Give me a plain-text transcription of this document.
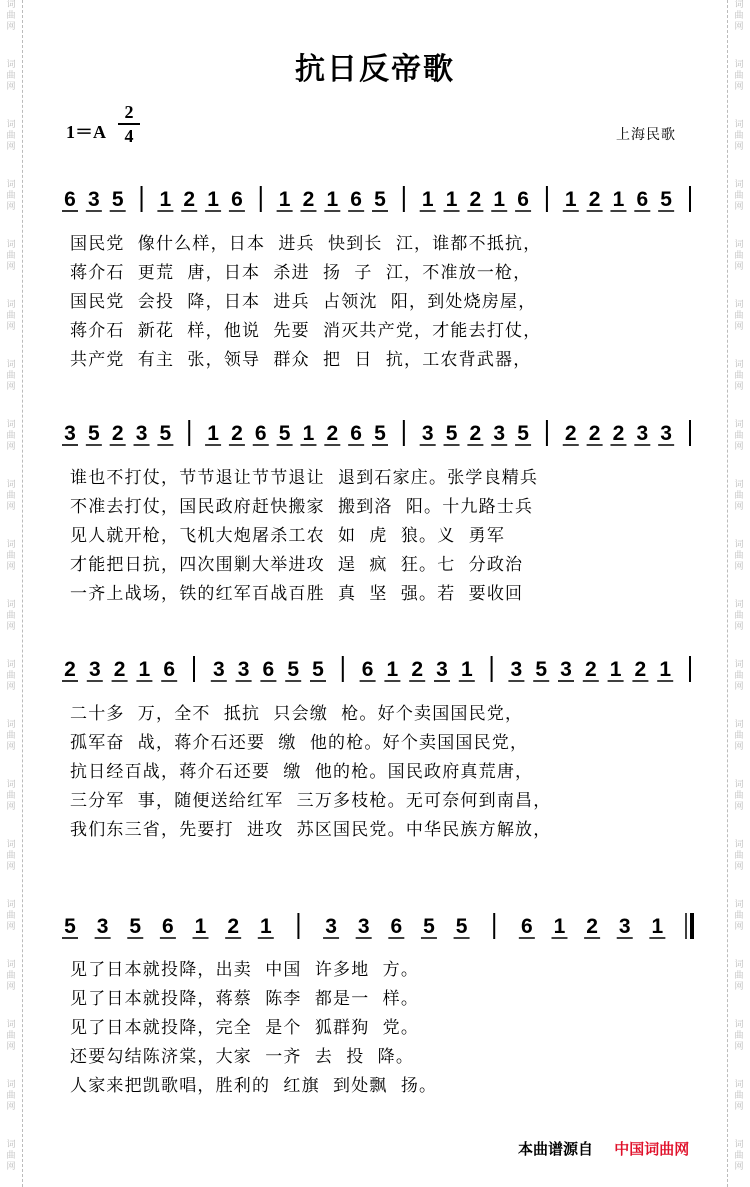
词
曲
网
词
曲
网
词
曲
网
词
曲
网
词
曲
网
词
曲
网
词
曲
网
词
曲
网
词
曲
网
词
曲
网
词
曲
网
词
曲
网
词
曲
网
词
曲
网
词
曲
网
词
曲
网
词
曲
网
词
曲
网
词
曲
网
词
曲
网
词
曲
网
词
曲
网
词
曲
网
词
曲
网
词
曲
网
词
曲
网
词
曲
网
词
曲
网
词
曲
网
词
曲
网
词
曲
网
词
曲
网
词
曲
网
词
曲
网
词
曲
网
词
曲
网
词
曲
网
词
曲
网
词
曲
网
词
曲
网
抗日反帝歌
1＝A
2
4	上海民歌
6 3 5 1 2 1 6 1 2 1 6 5 1 1 2 1 6 1 2 1 6 5
3 5 2 3 5 1 2 6 5 1 2 6 5 3 5 2 3 5 2 2 2 3 3
2 3 2 1 6 3 3 6 5 5 6 1 2 3 1 3 5 3 2 1 2 1
5 3 5 6 1 2 1	3 3 6 5 5	6 1 2 3 1
国民党  像什么样，日本  进兵  快到长  江，谁都不抵抗，
蒋介石  更荒  唐，日本  杀进  扬  子  江，不准放一枪，
国民党  会投  降，日本  进兵  占领沈  阳，到处烧房屋，
蒋介石  新花  样，他说  先要  消灭共产党，才能去打仗，
共产党  有主  张，领导  群众  把  日  抗，工农背武器，
谁也不打仗，节节退让节节退让  退到石家庄。张学良精兵
不准去打仗，国民政府赶快搬家  搬到洛  阳。十九路士兵
见人就开枪，飞机大炮屠杀工农  如  虎  狼。义  勇军
才能把日抗，四次围剿大举进攻  逞  疯  狂。七  分政治
一齐上战场，铁的红军百战百胜  真  坚  强。若  要收回
二十多  万，全不  抵抗  只会缴  枪。好个卖国国民党，
孤军奋  战，蒋介石还要  缴  他的枪。好个卖国国民党，
抗日经百战，蒋介石还要  缴  他的枪。国民政府真荒唐，
三分军  事，随便送给红军  三万多枝枪。无可奈何到南昌，
我们东三省，先要打  进攻  苏区国民党。中华民族方解放，
见了日本就投降，出卖  中国  许多地  方。
见了日本就投降，蒋蔡  陈李  都是一  样。
见了日本就投降，完全  是个  狐群狗  党。
还要勾结陈济棠，大家  一齐  去  投  降。
人家来把凯歌唱，胜利的  红旗  到处飘  扬。
本曲谱源自 中国词曲网
